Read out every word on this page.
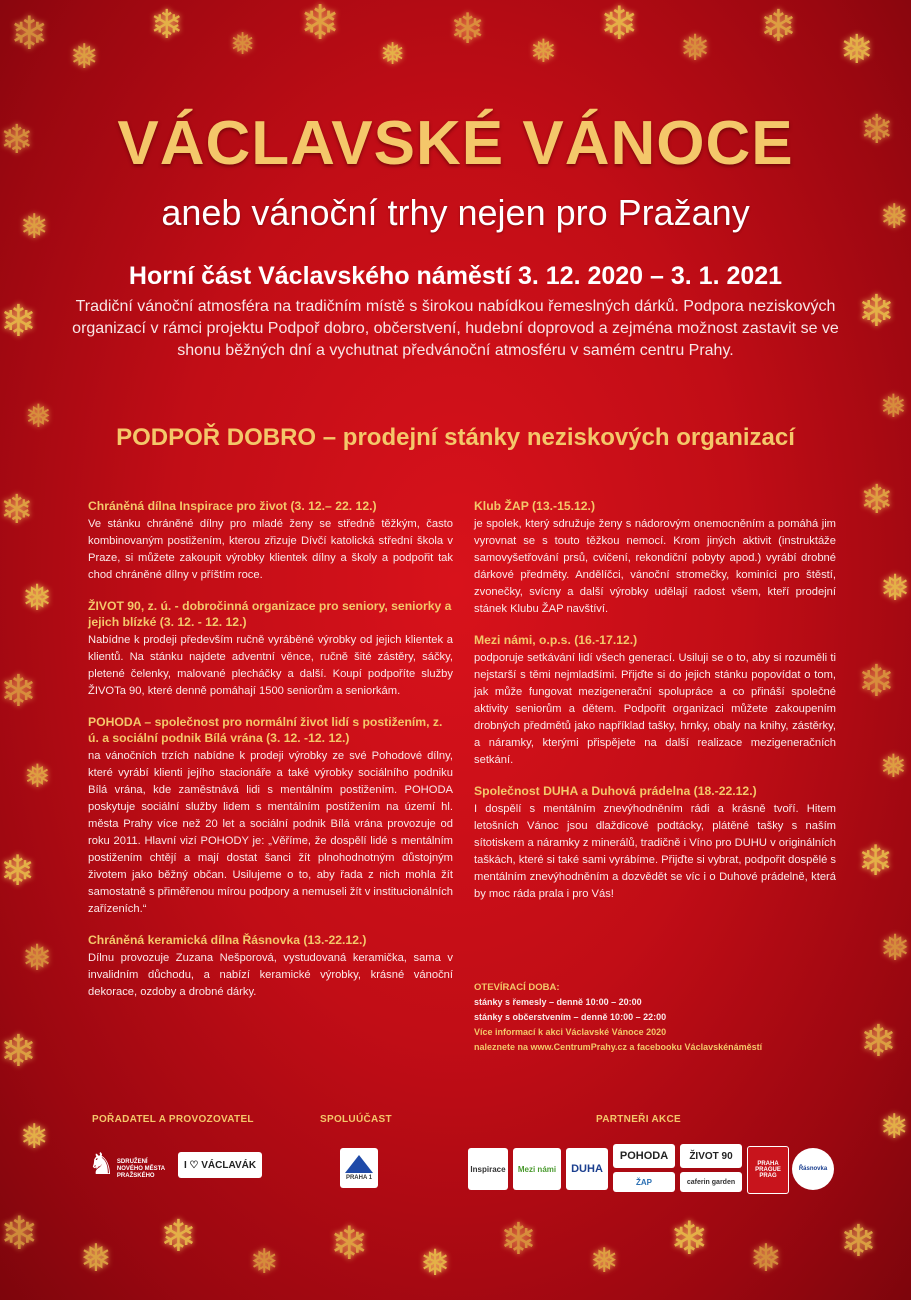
❄ ❅
❄ ❅ ❄
❅
❄ ❅
❄ ❅ ❄ ❅
❄
❅
❄
❅
❄
❅
❄
❅
❄
❅
❄
❅
❄
❅
❄
❅
❄
❅
❄
❅
❄
❅
❄
❅
❄ ❅ ❄
❅ ❄ ❅ ❄ ❅ ❄ ❅ ❄
VÁCLAVSKÉ VÁNOCE
aneb vánoční trhy nejen pro Pražany
Horní část Václavského náměstí 3. 12. 2020 – 3. 1. 2021
Tradiční vánoční atmosféra na tradičním místě s širokou nabídkou řemeslných dárků. Podpora neziskových organizací v rámci projektu Podpoř dobro, občerstvení, hudební doprovod a zejména možnost zastavit se ve shonu běžných dní a vychutnat předvánoční atmosféru v samém centru Prahy.
PODPOŘ DOBRO – prodejní stánky neziskových organizací
Chráněná dílna Inspirace pro život (3. 12.– 22. 12.)

Ve stánku chráněné dílny pro mladé ženy se středně těžkým, často kombinovaným postižením, kterou zřizuje Dívčí katolická střední škola v Praze, si můžete zakoupit výrobky klientek dílny a školy a podpořit tak chod chráněné dílny v příštím roce.

ŽIVOT 90, z. ú. - dobročinná organizace pro seniory, seniorky a jejich blízké (3. 12. - 12. 12.)

Nabídne k prodeji především ručně vyráběné výrobky od jejich klientek a klientů. Na stánku najdete adventní věnce, ručně šité zástěry, sáčky, pletené čelenky, malované plecháčky a další. Koupí podpoříte služby ŽIVOTa 90, které denně pomáhají 1500 seniorům a seniorkám.

POHODA – společnost pro normální život lidí s postižením, z. ú. a sociální podnik Bílá vrána (3. 12. -12. 12.)

na vánočních trzích nabídne k prodeji výrobky ze své Pohodové dílny, které vyrábí klienti jejího stacionáře a také výrobky sociálního podniku Bílá vrána, kde zaměstnává lidi s mentálním postižením. POHODA poskytuje sociální služby lidem s mentálním postižením na území hl. města Prahy více než 20 let a sociální podnik Bílá vrána provozuje od roku 2011. Hlavní vizí POHODY je: „Věříme, že dospělí lidé s mentálním postižením chtějí a mají dostat šanci žít plnohodnotným důstojným životem jako běžný občan. Usilujeme o to, aby řada z nich mohla žít samostatně s přiměřenou mírou podpory a nemuseli žít v institucionálních zařízeních.“

Chráněná keramická dílna Řásnovka (13.-22.12.)

Dílnu provozuje Zuzana Nešporová, vystudovaná keramička, sama v invalidním důchodu, a nabízí keramické výrobky, krásné vánoční dekorace, ozdoby a drobné dárky.

Klub ŽAP (13.-15.12.)

je spolek, který sdružuje ženy s nádorovým onemocněním a pomáhá jim vyrovnat se s touto těžkou nemocí. Krom jiných aktivit (instruktáže samovyšetřování prsů, cvičení, rekondiční pobyty apod.) vyrábí drobné dárkové předměty. Andělíčci, vánoční stromečky, kominíci pro štěstí, zvonečky, svícny a další výrobky udělají radost všem, kteří prodejní stánek Klubu ŽAP navštíví.

Mezi námi, o.p.s. (16.-17.12.)

podporuje setkávání lidí všech generací. Usiluji se o to, aby si rozuměli ti nejstarší s těmi nejmladšími. Přijďte si do jejich stánku popovídat o tom, jak může fungovat mezigenerační spolupráce a co přináší společné aktivity seniorům a dětem. Podpořit organizaci můžete zakoupením drobných předmětů jako například tašky, hrnky, obaly na knihy, zástěrky, a náramky, kterými přispějete na další realizace mezigeneračních setkání.

Společnost DUHA a Duhová prádelna (18.-22.12.)

I dospělí s mentálním znevýhodněním rádi a krásně tvoří. Hitem letošních Vánoc jsou dlaždicové podtácky, plátěné tašky s naším sítotiskem a náramky z minerálů, tradičně i Víno pro DUHU v originálních taškách, které si také sami vyrábíme. Přijďte si vybrat, podpořit dospělé s mentálním znevýhodněním a dozvědět se víc i o Duhové prádelně, která by moc ráda prala i pro Vás!

OTEVÍRACÍ DOBA:
stánky s řemesly – denně 10:00 – 20:00
stánky s občerstvením – denně 10:00 – 22:00
Více informací k akci Václavské Vánoce 2020
naleznete na www.CentrumPrahy.cz a facebooku Václavskénáměstí
POŘADATEL A PROVOZOVATEL	SPOLUÚČAST	PARTNEŘI AKCE
♞ SDRUŽENÍ NOVÉHO MĚSTA PRAŽSKÉHO
I ♡ VÁCLAVÁK
PRAHA 1
Inspirace	Mezi námi	DUHA
POHODA
ŽAP
ŽIVOT 90
caferin garden
PRAHA PRAGUE PRAG
Řásnovka
